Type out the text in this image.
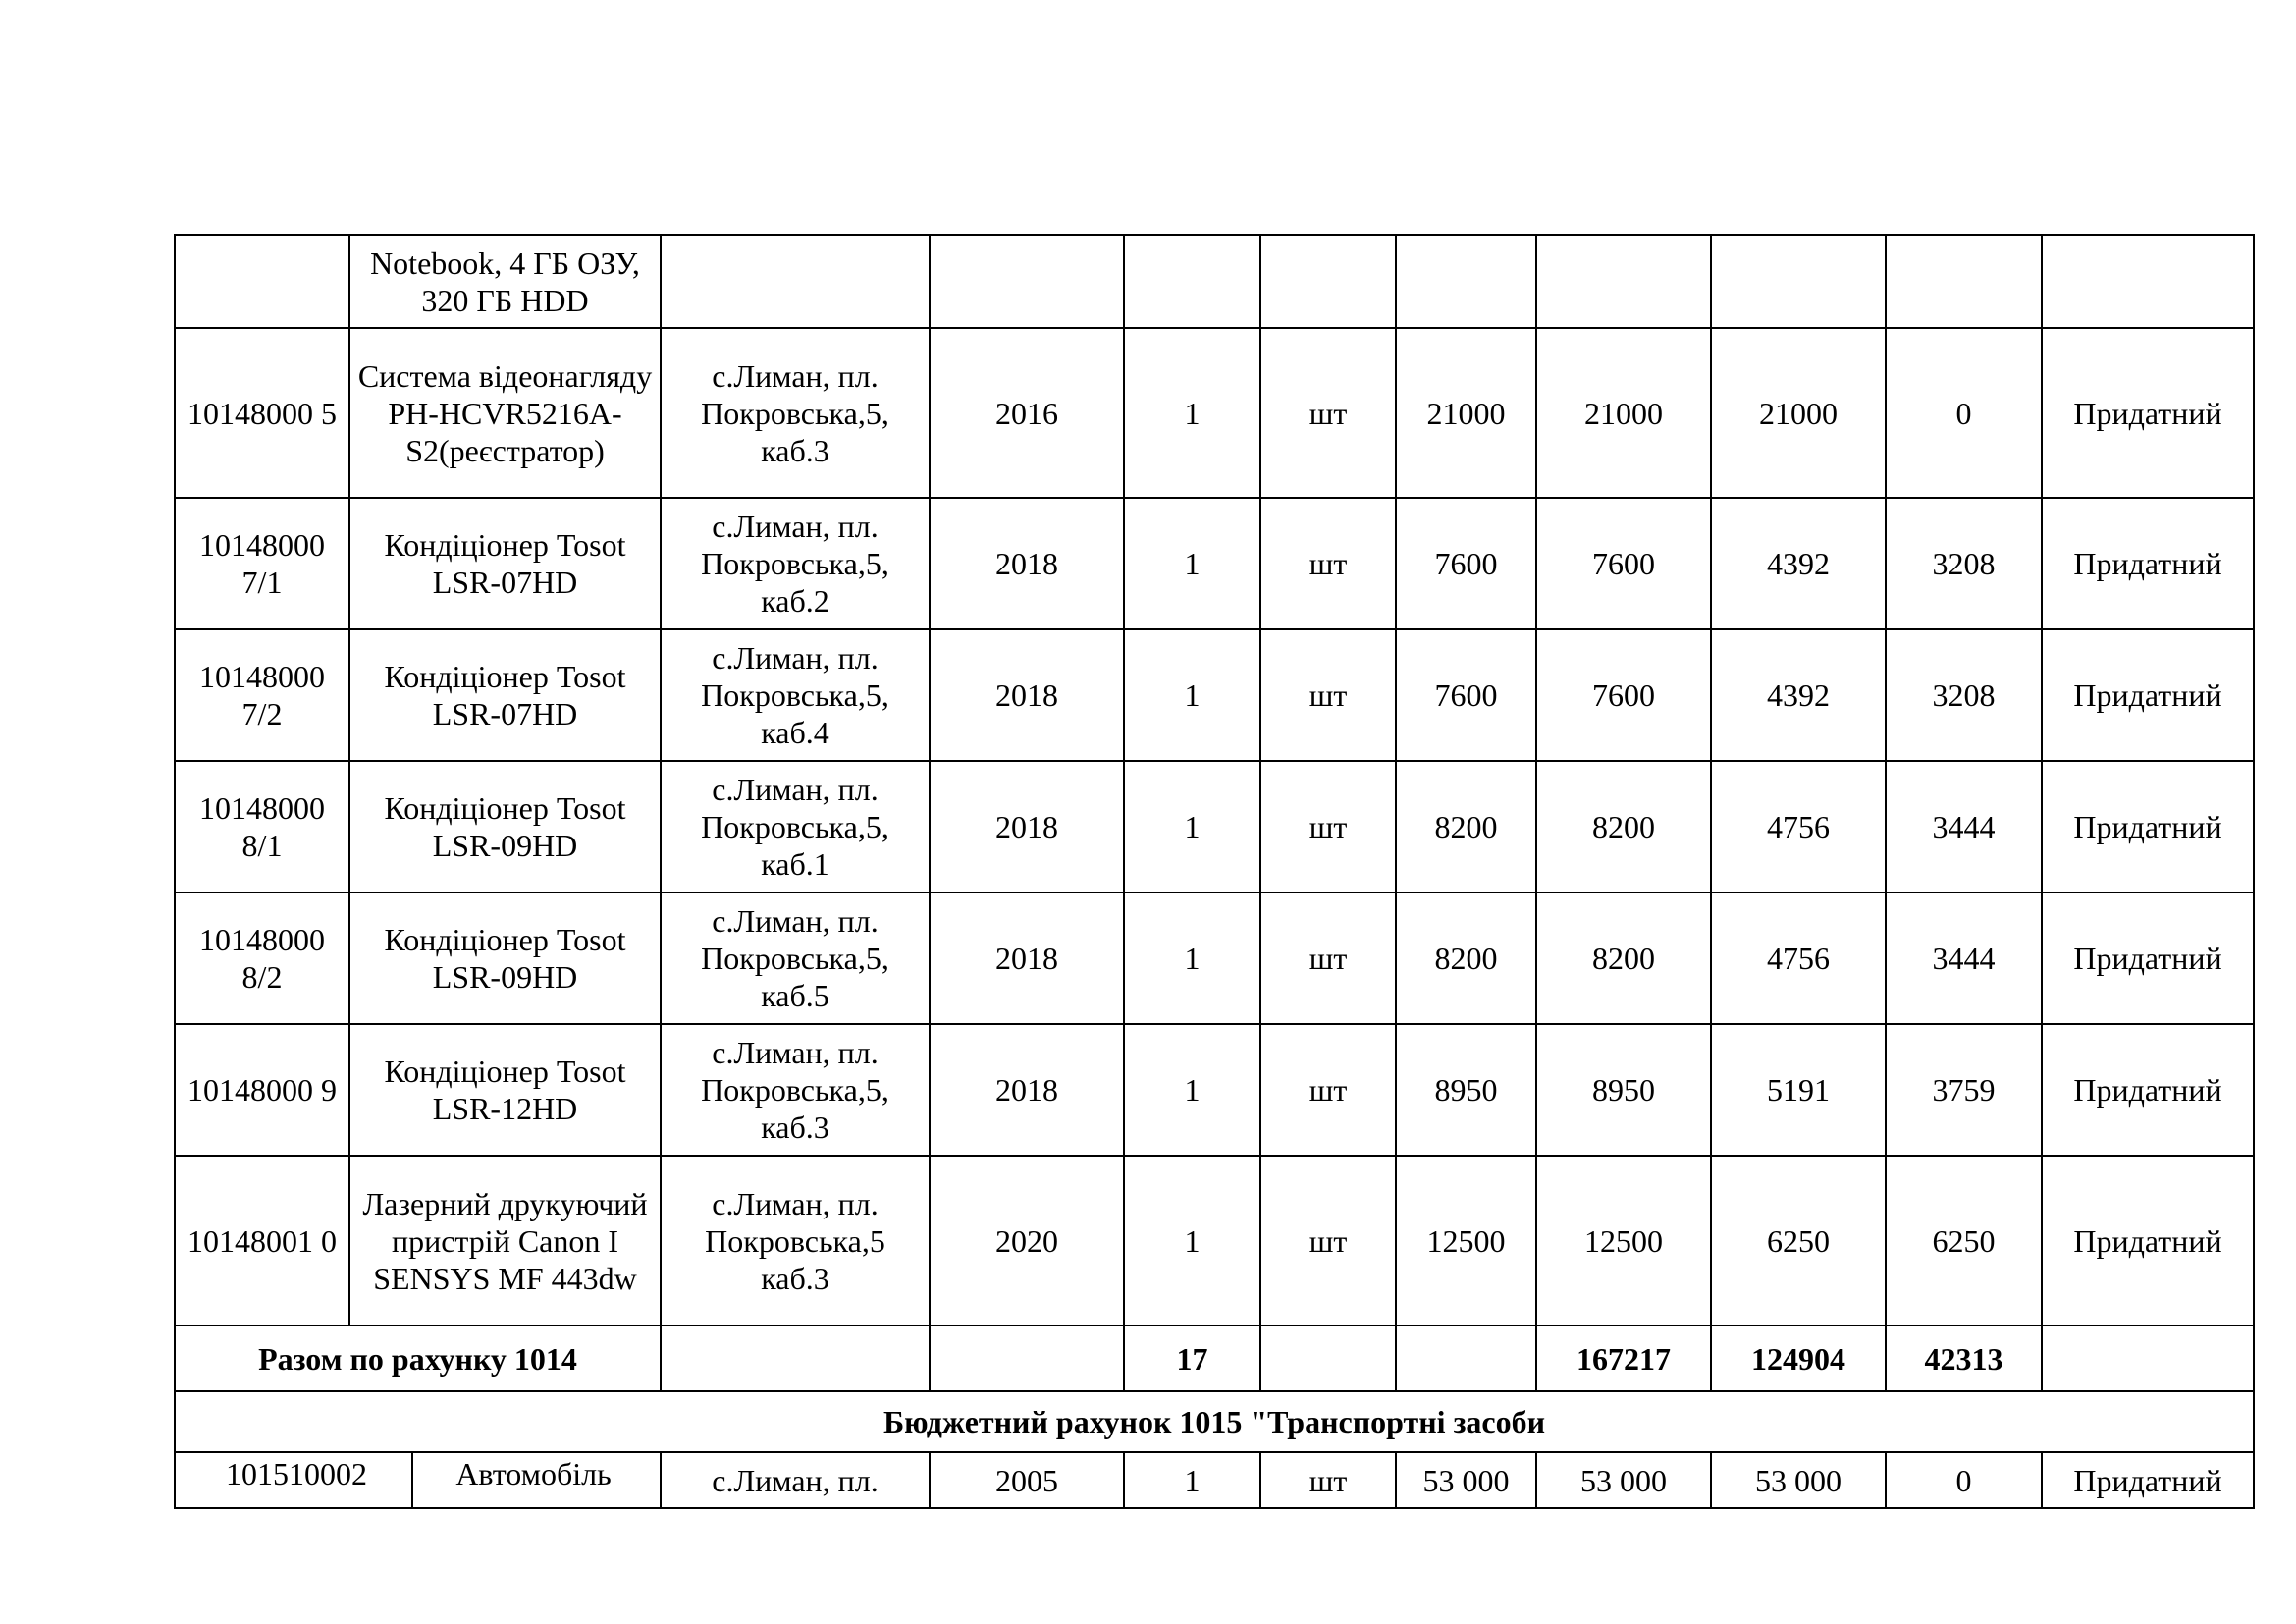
	Notebook, 4 ГБ ОЗУ, 320 ГБ HDD									
10148000 5	Система відеонагляду PH-HCVR5216A-S2(реєстратор)	с.Лиман, пл. Покровська,5, каб.3	2016	1	шт	21000	21000	21000	0	Придатний
10148000 7/1	Кондіціонер Tosot LSR-07HD	с.Лиман, пл. Покровська,5, каб.2	2018	1	шт	7600	7600	4392	3208	Придатний
10148000 7/2	Кондіціонер Tosot LSR-07HD	с.Лиман, пл. Покровська,5, каб.4	2018	1	шт	7600	7600	4392	3208	Придатний
10148000 8/1	Кондіціонер Tosot LSR-09HD	с.Лиман, пл. Покровська,5, каб.1	2018	1	шт	8200	8200	4756	3444	Придатний
10148000 8/2	Кондіціонер Tosot LSR-09HD	с.Лиман, пл. Покровська,5, каб.5	2018	1	шт	8200	8200	4756	3444	Придатний
10148000 9	Кондіціонер Tosot LSR-12HD	с.Лиман, пл. Покровська,5, каб.3	2018	1	шт	8950	8950	5191	3759	Придатний
10148001 0	Лазерний друкуючий пристрій Canon I SENSYS MF 443dw	с.Лиман, пл. Покровська,5 каб.3	2020	1	шт	12500	12500	6250	6250	Придатний
Разом по рахунку 1014				17			167217	124904	42313	
Бюджетний рахунок 1015 "Транспортні засоби										

101510002 Автомобіль		с.Лиман, пл.	2005	1	шт	53 000	53 000	53 000	0	Придатний
